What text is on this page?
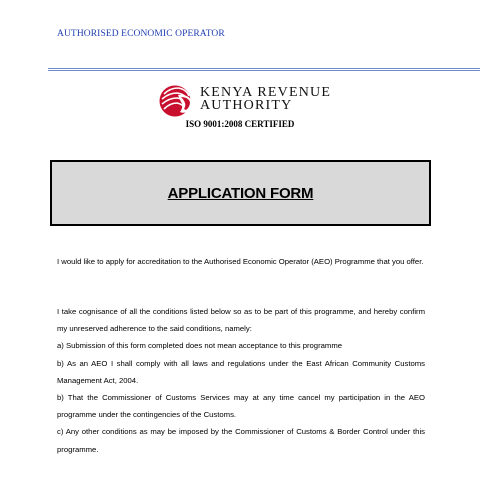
AUTHORISED ECONOMIC OPERATOR
KENYA REVENUE
AUTHORITY
ISO 9001:2008 CERTIFIED
APPLICATION FORM
I would like to apply for accreditation to the Authorised Economic Operator (AEO) Programme that you offer.
I take cognisance of all the conditions listed below so as to be part of this programme, and hereby confirm my unreserved adherence to the said conditions, namely:
a) Submission of this form completed does not mean acceptance to this programme
b) As an AEO I shall comply with all laws and regulations under the East African Community Customs Management Act, 2004.
b) That the Commissioner of Customs Services may at any time cancel my participation in the AEO programme under the contingencies of the Customs.
c) Any other conditions as may be imposed by the Commissioner of Customs & Border Control under this programme.
